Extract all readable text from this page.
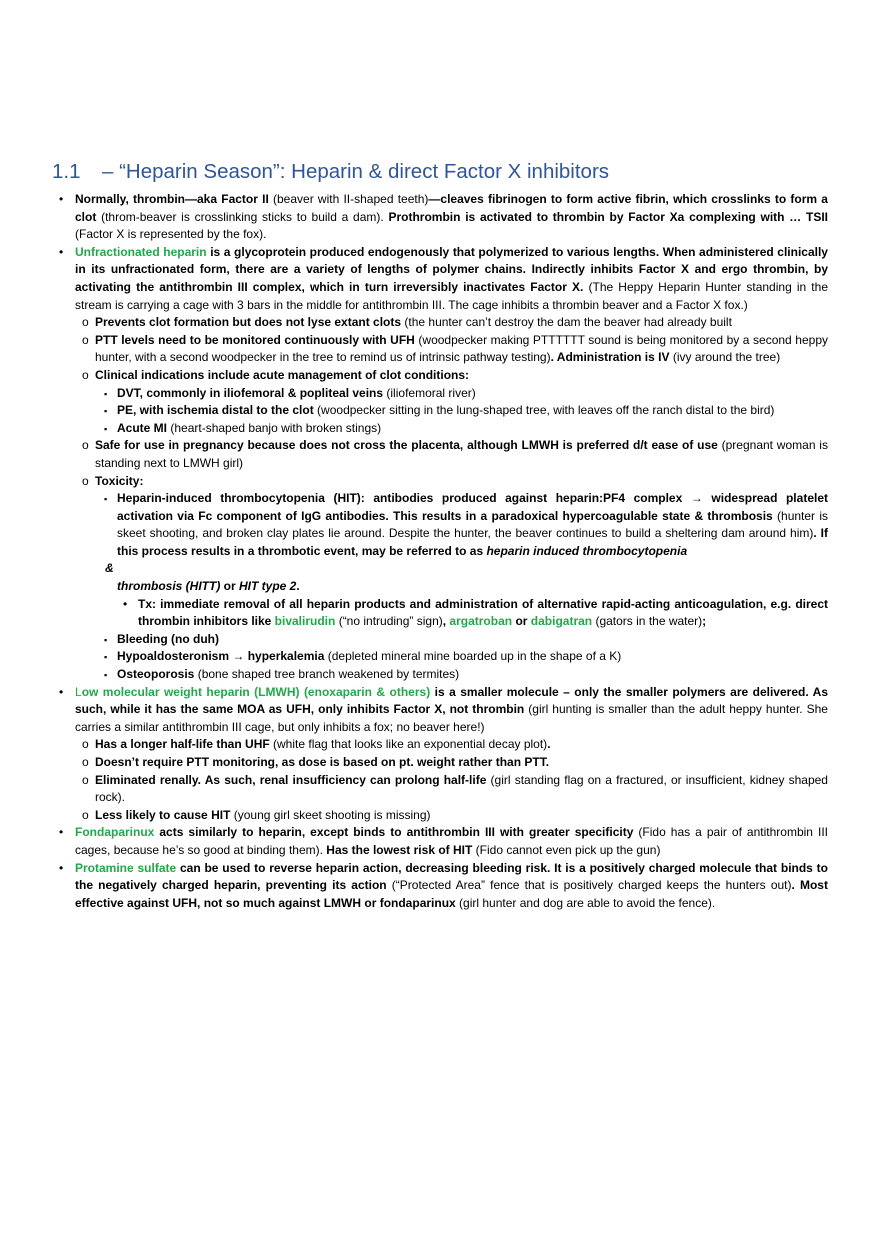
1.1 – “Heparin Season”: Heparin & direct Factor X inhibitors
• Normally, thrombin—aka Factor II (beaver with II-shaped teeth)—cleaves fibrinogen to form active fibrin, which crosslinks to form a clot (throm-beaver is crosslinking sticks to build a dam). Prothrombin is activated to thrombin by Factor Xa complexing with … TSII (Factor X is represented by the fox).
• Unfractionated heparin is a glycoprotein produced endogenously that polymerized to various lengths. When administered clinically in its unfractionated form, there are a variety of lengths of polymer chains. Indirectly inhibits Factor X and ergo thrombin, by activating the antithrombin III complex, which in turn irreversibly inactivates Factor X. (The Heppy Heparin Hunter standing in the stream is carrying a cage with 3 bars in the middle for antithrombin III. The cage inhibits a thrombin beaver and a Factor X fox.)
o Prevents clot formation but does not lyse extant clots (the hunter can’t destroy the dam the beaver had already built
o PTT levels need to be monitored continuously with UFH (woodpecker making PTTTTTT sound is being monitored by a second heppy hunter, with a second woodpecker in the tree to remind us of intrinsic pathway testing). Administration is IV (ivy around the tree)
o Clinical indications include acute management of clot conditions:
▪ DVT, commonly in iliofemoral & popliteal veins (iliofemoral river)
▪ PE, with ischemia distal to the clot (woodpecker sitting in the lung-shaped tree, with leaves off the ranch distal to the bird)
▪ Acute MI (heart-shaped banjo with broken stings)
o Safe for use in pregnancy because does not cross the placenta, although LMWH is preferred d/t ease of use (pregnant woman is standing next to LMWH girl)
o Toxicity:
▪ Heparin-induced thrombocytopenia (HIT): antibodies produced against heparin:PF4 complex → widespread platelet activation via Fc component of IgG antibodies. This results in a paradoxical hypercoagulable state & thrombosis (hunter is skeet shooting, and broken clay plates lie around. Despite the hunter, the beaver continues to build a sheltering dam around him). If this process results in a thrombotic event, may be referred to as heparin induced thrombocytopenia
&
thrombosis (HITT) or HIT type 2.
• Tx: immediate removal of all heparin products and administration of alternative rapid-acting anticoagulation, e.g. direct thrombin inhibitors like bivalirudin (“no intruding” sign), argatroban or dabigatran (gators in the water);
▪ Bleeding (no duh)
▪ Hypoaldosteronism → hyperkalemia (depleted mineral mine boarded up in the shape of a K)
▪ Osteoporosis (bone shaped tree branch weakened by termites)
• Low molecular weight heparin (LMWH) (enoxaparin & others) is a smaller molecule – only the smaller polymers are delivered. As such, while it has the same MOA as UFH, only inhibits Factor X, not thrombin (girl hunting is smaller than the adult heppy hunter. She carries a similar antithrombin III cage, but only inhibits a fox; no beaver here!)
o Has a longer half-life than UHF (white flag that looks like an exponential decay plot).
o Doesn’t require PTT monitoring, as dose is based on pt. weight rather than PTT.
o Eliminated renally. As such, renal insufficiency can prolong half-life (girl standing flag on a fractured, or insufficient, kidney shaped rock).
o Less likely to cause HIT (young girl skeet shooting is missing)
• Fondaparinux acts similarly to heparin, except binds to antithrombin III with greater specificity (Fido has a pair of antithrombin III cages, because he’s so good at binding them). Has the lowest risk of HIT (Fido cannot even pick up the gun)
• Protamine sulfate can be used to reverse heparin action, decreasing bleeding risk. It is a positively charged molecule that binds to the negatively charged heparin, preventing its action (“Protected Area” fence that is positively charged keeps the hunters out). Most effective against UFH, not so much against LMWH or fondaparinux (girl hunter and dog are able to avoid the fence).
